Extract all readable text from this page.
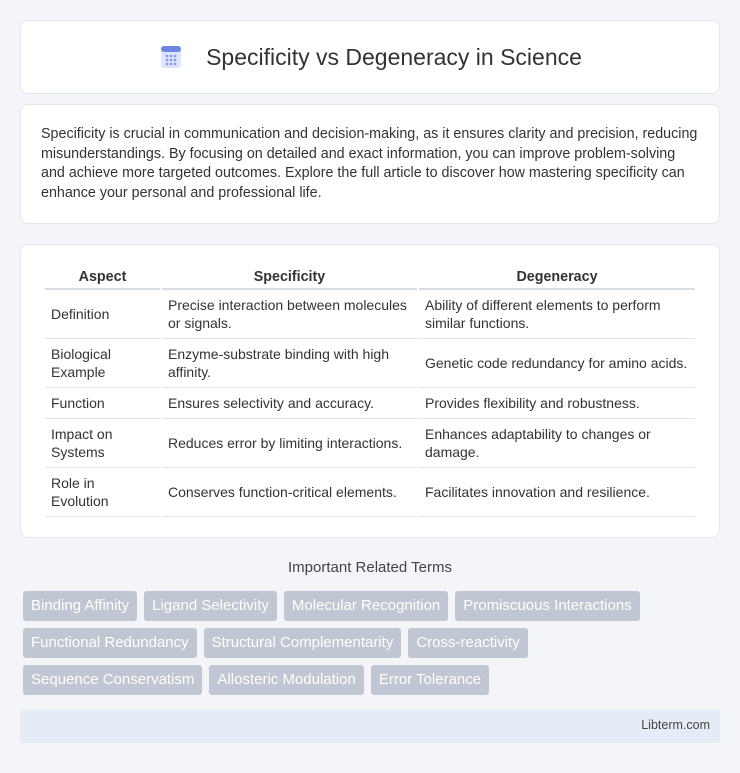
Specificity vs Degeneracy in Science

Specificity is crucial in communication and decision-making, as it ensures clarity and precision, reducing misunderstandings. By focusing on detailed and exact information, you can improve problem-solving and achieve more targeted outcomes. Explore the full article to discover how mastering specificity can enhance your personal and professional life.

Aspect	Specificity	Degeneracy
Definition	Precise interaction between molecules or signals.	Ability of different elements to perform similar functions.
Biological Example	Enzyme-substrate binding with high affinity.	Genetic code redundancy for amino acids.
Function	Ensures selectivity and accuracy.	Provides flexibility and robustness.
Impact on Systems	Reduces error by limiting interactions.	Enhances adaptability to changes or damage.
Role in Evolution	Conserves function-critical elements.	Facilitates innovation and resilience.
Important Related Terms
Binding Affinity	Ligand Selectivity	Molecular Recognition	Promiscuous Interactions
Functional Redundancy	Structural Complementarity	Cross-reactivity
Sequence Conservatism	Allosteric Modulation	Error Tolerance
Libterm.com
